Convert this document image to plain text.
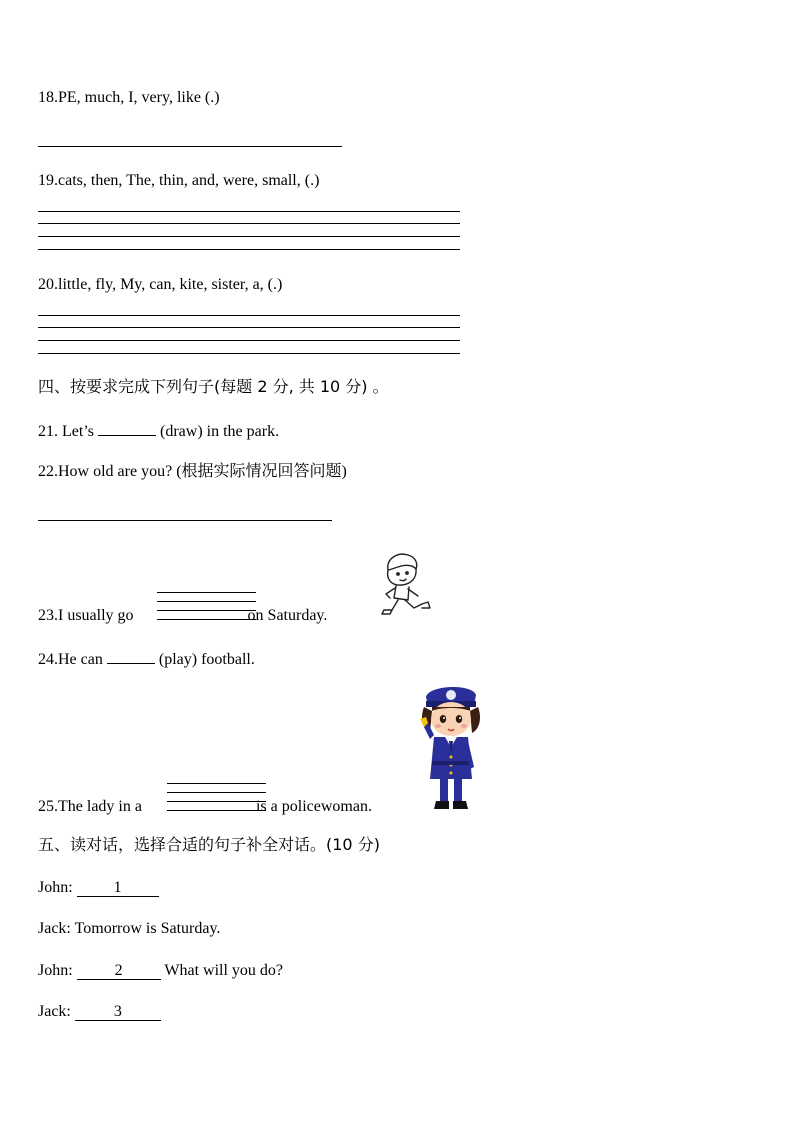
18.PE, much, I, very, like (.)
19.cats, then, The, thin, and, were, small, (.)
20.little, fly, My, can, kite, sister, a, (.)
四、按要求完成下列句子(每题 2 分, 共 10 分) 。
21. Let’s	(draw) in the park.
22.How old are you? (根据实际情况回答问题)
23.I usually go	on Saturday.
24.He can	(play) football.
25.The lady in a	is a policewoman.
五、读对话，选择合适的句子补全对话。(10 分)
John: 1
Jack: Tomorrow is Saturday.
John: 2 What will you do?
Jack: 3
